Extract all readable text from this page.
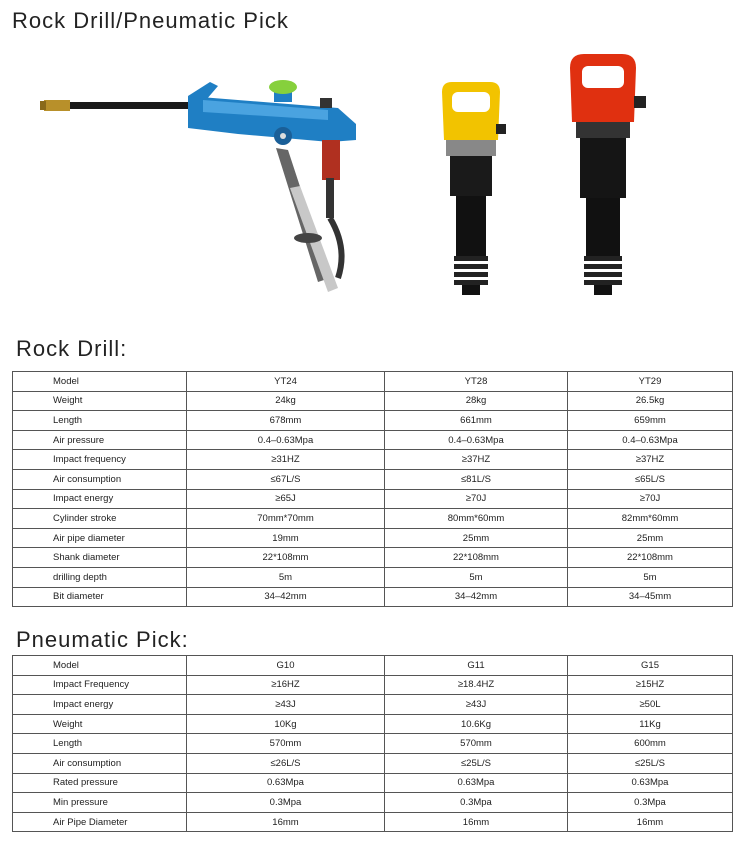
Rock Drill/Pneumatic Pick
Rock Drill:
Model	YT24	YT28	YT29
Weight	24kg	28kg	26.5kg
Length	678mm	661mm	659mm
Air pressure	0.4–0.63Mpa	0.4–0.63Mpa	0.4–0.63Mpa
Impact frequency	≥31HZ	≥37HZ	≥37HZ
Air consumption	≤67L/S	≤81L/S	≤65L/S
Impact energy	≥65J	≥70J	≥70J
Cylinder stroke	70mm*70mm	80mm*60mm	82mm*60mm
Air pipe diameter	19mm	25mm	25mm
Shank diameter	22*108mm	22*108mm	22*108mm
drilling depth	5m	5m	5m
Bit diameter	34–42mm	34–42mm	34–45mm
Pneumatic Pick:
Model	G10	G11	G15
Impact Frequency	≥16HZ	≥18.4HZ	≥15HZ
Impact energy	≥43J	≥43J	≥50L
Weight	10Kg	10.6Kg	11Kg
Length	570mm	570mm	600mm
Air consumption	≤26L/S	≤25L/S	≤25L/S
Rated pressure	0.63Mpa	0.63Mpa	0.63Mpa
Min pressure	0.3Mpa	0.3Mpa	0.3Mpa
Air Pipe Diameter	16mm	16mm	16mm
